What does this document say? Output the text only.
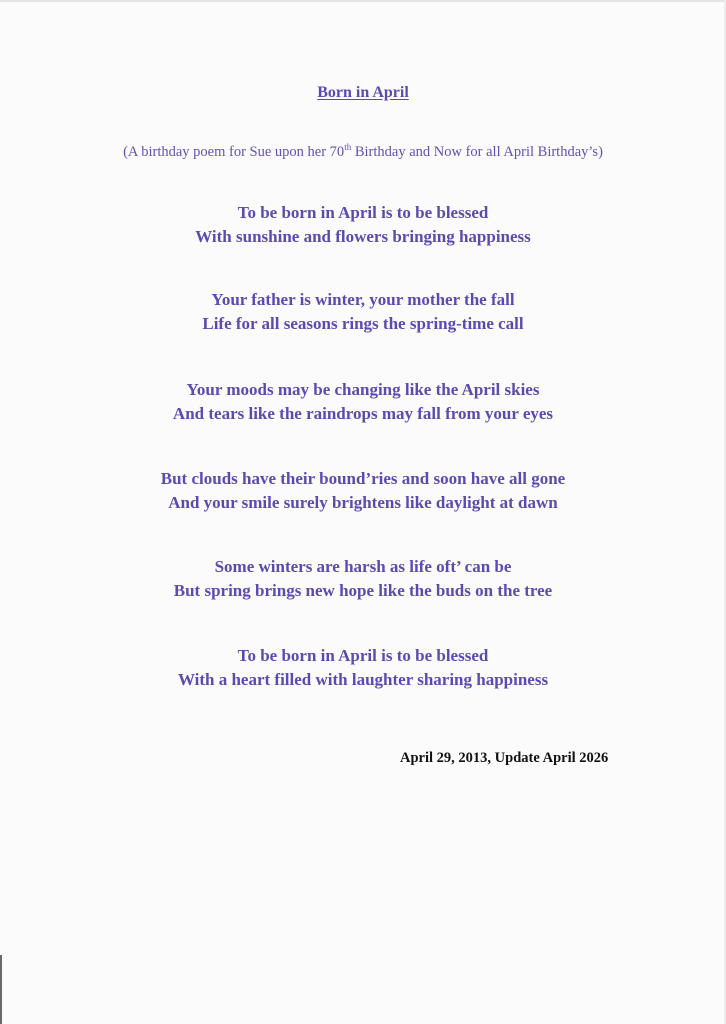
Born in April
(A birthday poem for Sue upon her 70th Birthday and Now for all April Birthday’s)
To be born in April is to be blessed
With sunshine and flowers bringing happiness
Your father is winter, your mother the fall
Life for all seasons rings the spring-time call
Your moods may be changing like the April skies
And tears like the raindrops may fall from your eyes
But clouds have their bound’ries and soon have all gone
And your smile surely brightens like daylight at dawn
Some winters are harsh as life oft’ can be
But spring brings new hope like the buds on the tree
To be born in April is to be blessed
With a heart filled with laughter sharing happiness
April 29, 2013, Update April 2026
